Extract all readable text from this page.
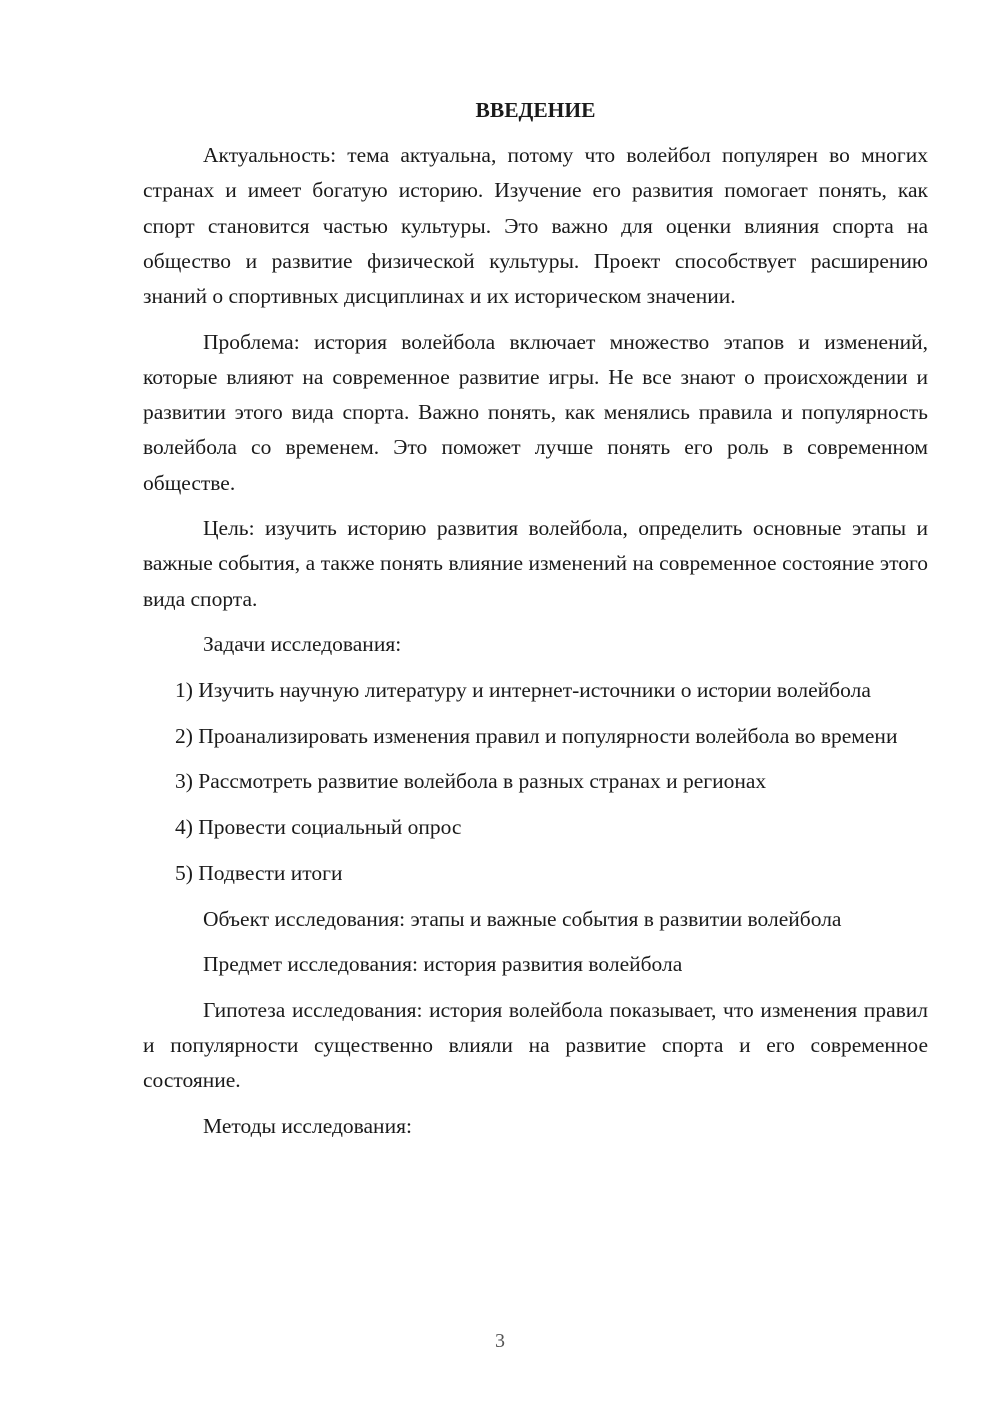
ВВЕДЕНИЕ

Актуальность: тема актуальна, потому что волейбол популярен во многих странах и имеет богатую историю. Изучение его развития помогает понять, как спорт становится частью культуры. Это важно для оценки влияния спорта на общество и развитие физической культуры. Проект способствует расширению знаний о спортивных дисциплинах и их историческом значении.

Проблема: история волейбола включает множество этапов и изменений, которые влияют на современное развитие игры. Не все знают о происхождении и развитии этого вида спорта. Важно понять, как менялись правила и популярность волейбола со временем. Это поможет лучше понять его роль в современном обществе.

Цель: изучить историю развития волейбола, определить основные этапы и важные события, а также понять влияние изменений на современное состояние этого вида спорта.

Задачи исследования:

1) Изучить научную литературу и интернет-источники о истории волейбола

2) Проанализировать изменения правил и популярности волейбола во времени

3) Рассмотреть развитие волейбола в разных странах и регионах

4) Провести социальный опрос

5) Подвести итоги

Объект исследования: этапы и важные события в развитии волейбола

Предмет исследования: история развития волейбола

Гипотеза исследования: история волейбола показывает, что изменения правил и популярности существенно влияли на развитие спорта и его современное состояние.

Методы исследования:

3
